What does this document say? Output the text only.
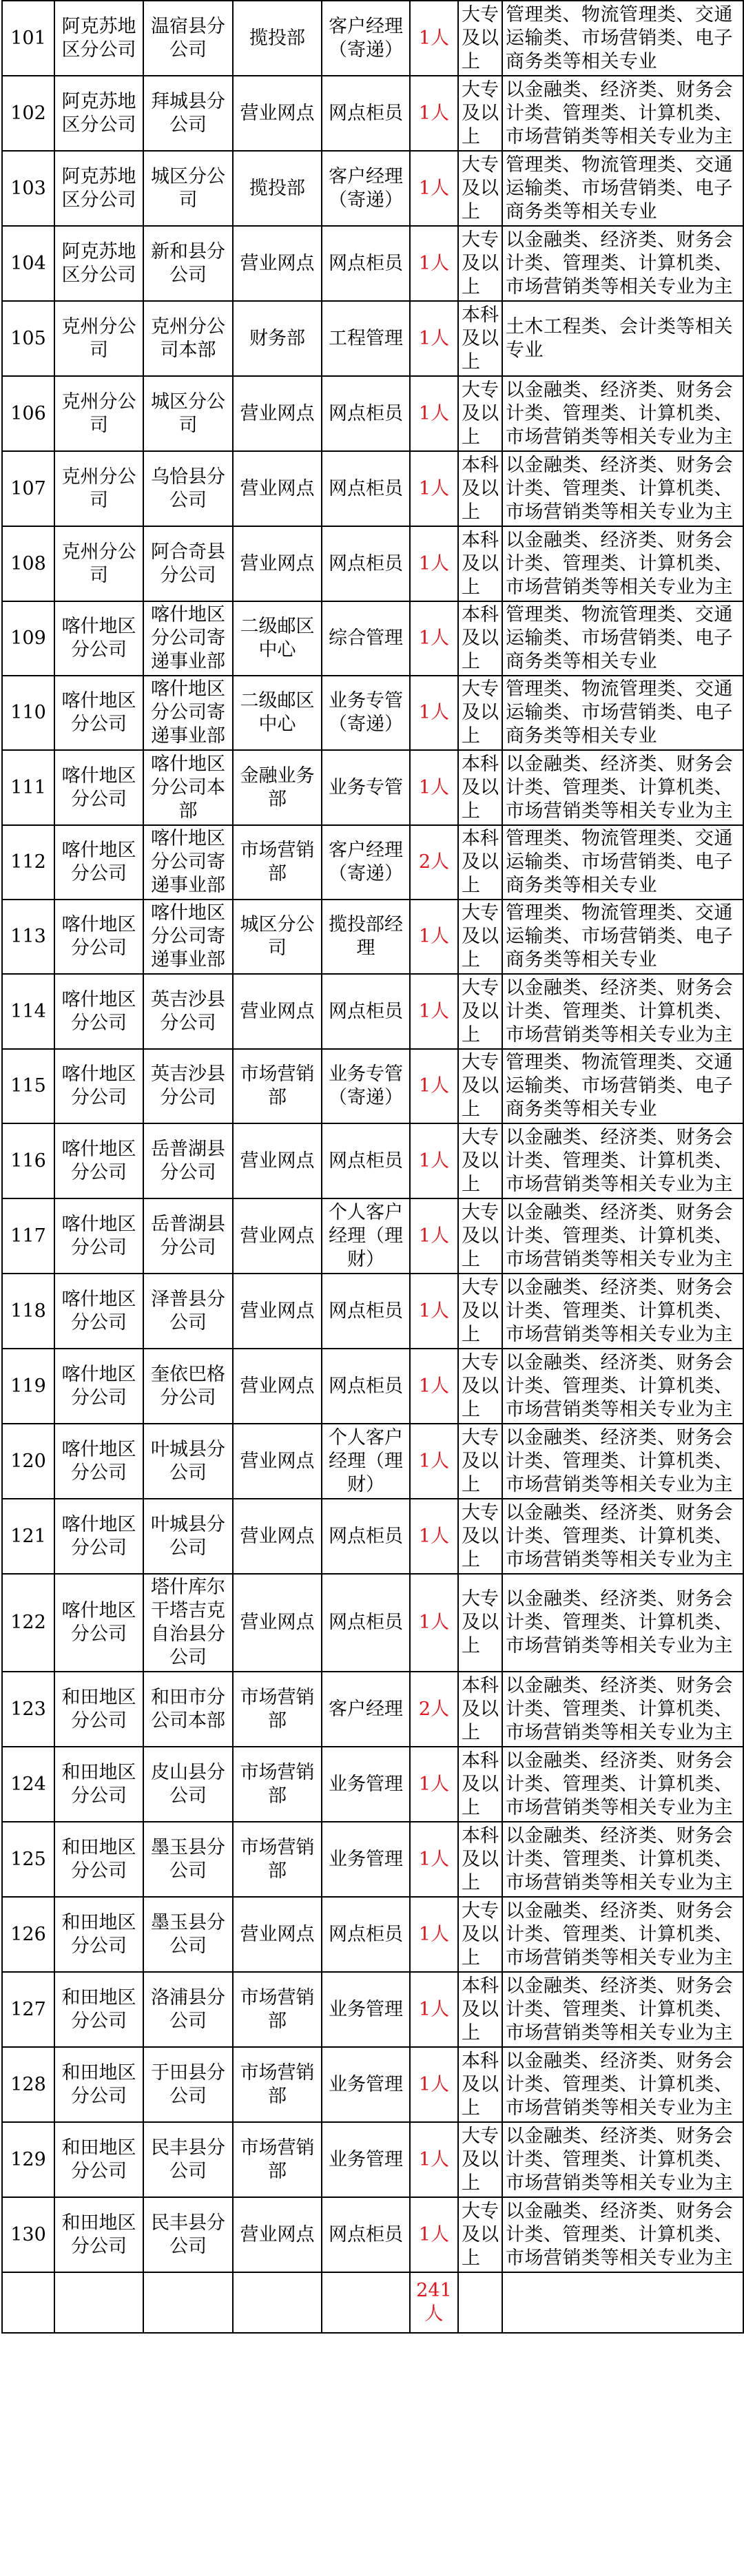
101	阿克苏地区分公司	温宿县分公司	揽投部	客户经理（寄递）	1人	大专及以上	管理类、物流管理类、交通运输类、市场营销类、电子商务类等相关专业
102	阿克苏地区分公司	拜城县分公司	营业网点	网点柜员	1人	大专及以上	以金融类、经济类、财务会计类、管理类、计算机类、市场营销类等相关专业为主
103	阿克苏地区分公司	城区分公司	揽投部	客户经理（寄递）	1人	大专及以上	管理类、物流管理类、交通运输类、市场营销类、电子商务类等相关专业
104	阿克苏地区分公司	新和县分公司	营业网点	网点柜员	1人	大专及以上	以金融类、经济类、财务会计类、管理类、计算机类、市场营销类等相关专业为主
105	克州分公司	克州分公司本部	财务部	工程管理	1人	本科及以上	土木工程类、会计类等相关专业
106	克州分公司	城区分公司	营业网点	网点柜员	1人	大专及以上	以金融类、经济类、财务会计类、管理类、计算机类、市场营销类等相关专业为主
107	克州分公司	乌恰县分公司	营业网点	网点柜员	1人	本科及以上	以金融类、经济类、财务会计类、管理类、计算机类、市场营销类等相关专业为主
108	克州分公司	阿合奇县分公司	营业网点	网点柜员	1人	本科及以上	以金融类、经济类、财务会计类、管理类、计算机类、市场营销类等相关专业为主
109	喀什地区分公司	喀什地区分公司寄递事业部	二级邮区中心	综合管理	1人	本科及以上	管理类、物流管理类、交通运输类、市场营销类、电子商务类等相关专业
110	喀什地区分公司	喀什地区分公司寄递事业部	二级邮区中心	业务专管（寄递）	1人	大专及以上	管理类、物流管理类、交通运输类、市场营销类、电子商务类等相关专业
111	喀什地区分公司	喀什地区分公司本部	金融业务部	业务专管	1人	本科及以上	以金融类、经济类、财务会计类、管理类、计算机类、市场营销类等相关专业为主
112	喀什地区分公司	喀什地区分公司寄递事业部	市场营销部	客户经理（寄递）	2人	本科及以上	管理类、物流管理类、交通运输类、市场营销类、电子商务类等相关专业
113	喀什地区分公司	喀什地区分公司寄递事业部	城区分公司	揽投部经理	1人	大专及以上	管理类、物流管理类、交通运输类、市场营销类、电子商务类等相关专业
114	喀什地区分公司	英吉沙县分公司	营业网点	网点柜员	1人	大专及以上	以金融类、经济类、财务会计类、管理类、计算机类、市场营销类等相关专业为主
115	喀什地区分公司	英吉沙县分公司	市场营销部	业务专管（寄递）	1人	大专及以上	管理类、物流管理类、交通运输类、市场营销类、电子商务类等相关专业
116	喀什地区分公司	岳普湖县分公司	营业网点	网点柜员	1人	大专及以上	以金融类、经济类、财务会计类、管理类、计算机类、市场营销类等相关专业为主
117	喀什地区分公司	岳普湖县分公司	营业网点	个人客户经理（理财）	1人	大专及以上	以金融类、经济类、财务会计类、管理类、计算机类、市场营销类等相关专业为主
118	喀什地区分公司	泽普县分公司	营业网点	网点柜员	1人	大专及以上	以金融类、经济类、财务会计类、管理类、计算机类、市场营销类等相关专业为主
119	喀什地区分公司	奎依巴格分公司	营业网点	网点柜员	1人	大专及以上	以金融类、经济类、财务会计类、管理类、计算机类、市场营销类等相关专业为主
120	喀什地区分公司	叶城县分公司	营业网点	个人客户经理（理财）	1人	大专及以上	以金融类、经济类、财务会计类、管理类、计算机类、市场营销类等相关专业为主
121	喀什地区分公司	叶城县分公司	营业网点	网点柜员	1人	大专及以上	以金融类、经济类、财务会计类、管理类、计算机类、市场营销类等相关专业为主
122	喀什地区分公司	塔什库尔干塔吉克自治县分公司	营业网点	网点柜员	1人	大专及以上	以金融类、经济类、财务会计类、管理类、计算机类、市场营销类等相关专业为主
123	和田地区分公司	和田市分公司本部	市场营销部	客户经理	2人	本科及以上	以金融类、经济类、财务会计类、管理类、计算机类、市场营销类等相关专业为主
124	和田地区分公司	皮山县分公司	市场营销部	业务管理	1人	本科及以上	以金融类、经济类、财务会计类、管理类、计算机类、市场营销类等相关专业为主
125	和田地区分公司	墨玉县分公司	市场营销部	业务管理	1人	本科及以上	以金融类、经济类、财务会计类、管理类、计算机类、市场营销类等相关专业为主
126	和田地区分公司	墨玉县分公司	营业网点	网点柜员	1人	大专及以上	以金融类、经济类、财务会计类、管理类、计算机类、市场营销类等相关专业为主
127	和田地区分公司	洛浦县分公司	市场营销部	业务管理	1人	本科及以上	以金融类、经济类、财务会计类、管理类、计算机类、市场营销类等相关专业为主
128	和田地区分公司	于田县分公司	市场营销部	业务管理	1人	本科及以上	以金融类、经济类、财务会计类、管理类、计算机类、市场营销类等相关专业为主
129	和田地区分公司	民丰县分公司	市场营销部	业务管理	1人	大专及以上	以金融类、经济类、财务会计类、管理类、计算机类、市场营销类等相关专业为主
130	和田地区分公司	民丰县分公司	营业网点	网点柜员	1人	大专及以上	以金融类、经济类、财务会计类、管理类、计算机类、市场营销类等相关专业为主
					241人		
